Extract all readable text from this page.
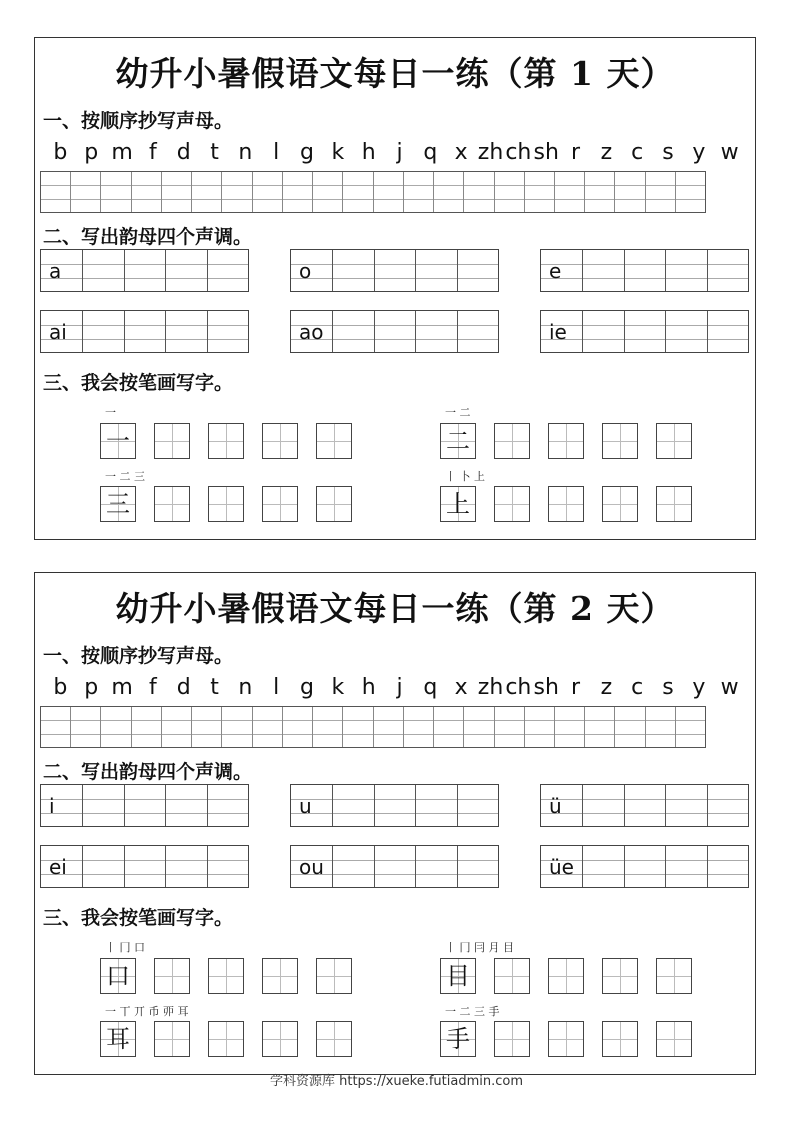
幼升小暑假语文每日一练（第 1 天）
一、按顺序抄写声母。
b p m f d t n l g k h j q x zh ch sh r z c s y w
二、写出韵母四个声调。
a	o	e
ai	ao	ie
三、我会按笔画写字。
一
一
一 二
二
一 二 三
三
丨 卜 上
上
幼升小暑假语文每日一练（第 2 天）
一、按顺序抄写声母。
b p m f d t n l g k h j q x zh ch sh r z c s y w
二、写出韵母四个声调。
i	u	ü
ei	ou	üe
三、我会按笔画写字。
丨 冂 口
口
丨 冂 冃 月 目
目
一 丅 丌 币 丣 耳
耳
一 二 三 手
手
学科资源库 https://xueke.futiadmin.com
